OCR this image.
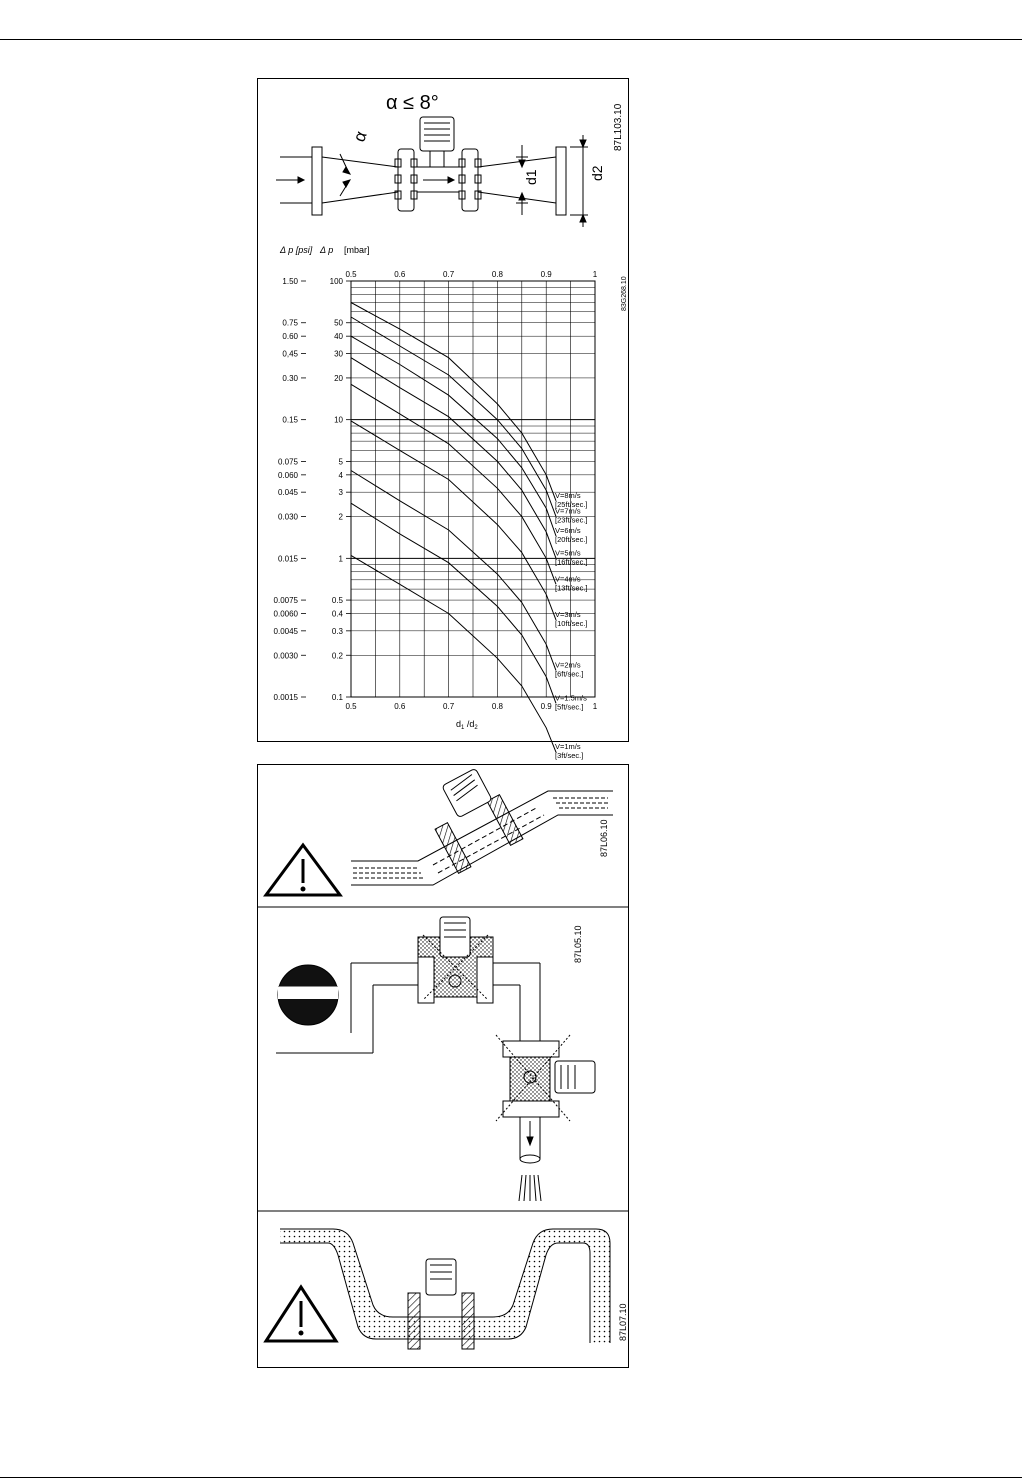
α ≤ 8°
α
d1	d2
87L103.10
Δ p [psi] Δ p [mbar]
83G268.10
0.5
0.5
0.6
0.6
0.7
0.7
0.8
0.8
0.9
0.9
1
1
100
1.50
50
0.75
40
0.60
30
0,45
20
0.30
10
0.15
5
0.075
4
0.060
3
0.045
2
0.030
1
0.015
0.5
0.0075
0.4
0.0060
0.3
0.0045
0.2
0.0030
0.1
0.0015
V=8m/s
[25ft/sec.]
V=7m/s
[23ft/sec.]
V=6m/s
[20ft/sec.]
V=5m/s
[16ft/sec.]
V=4m/s
[13ft/sec.]
V=3m/s
[10ft/sec.]
V=2m/s
[6ft/sec.]
V=1.5m/s
[5ft/sec.]
V=1m/s
[3ft/sec.]
$d_1$ $/d_2$
87L06.10
87L05.10
87L07.10
